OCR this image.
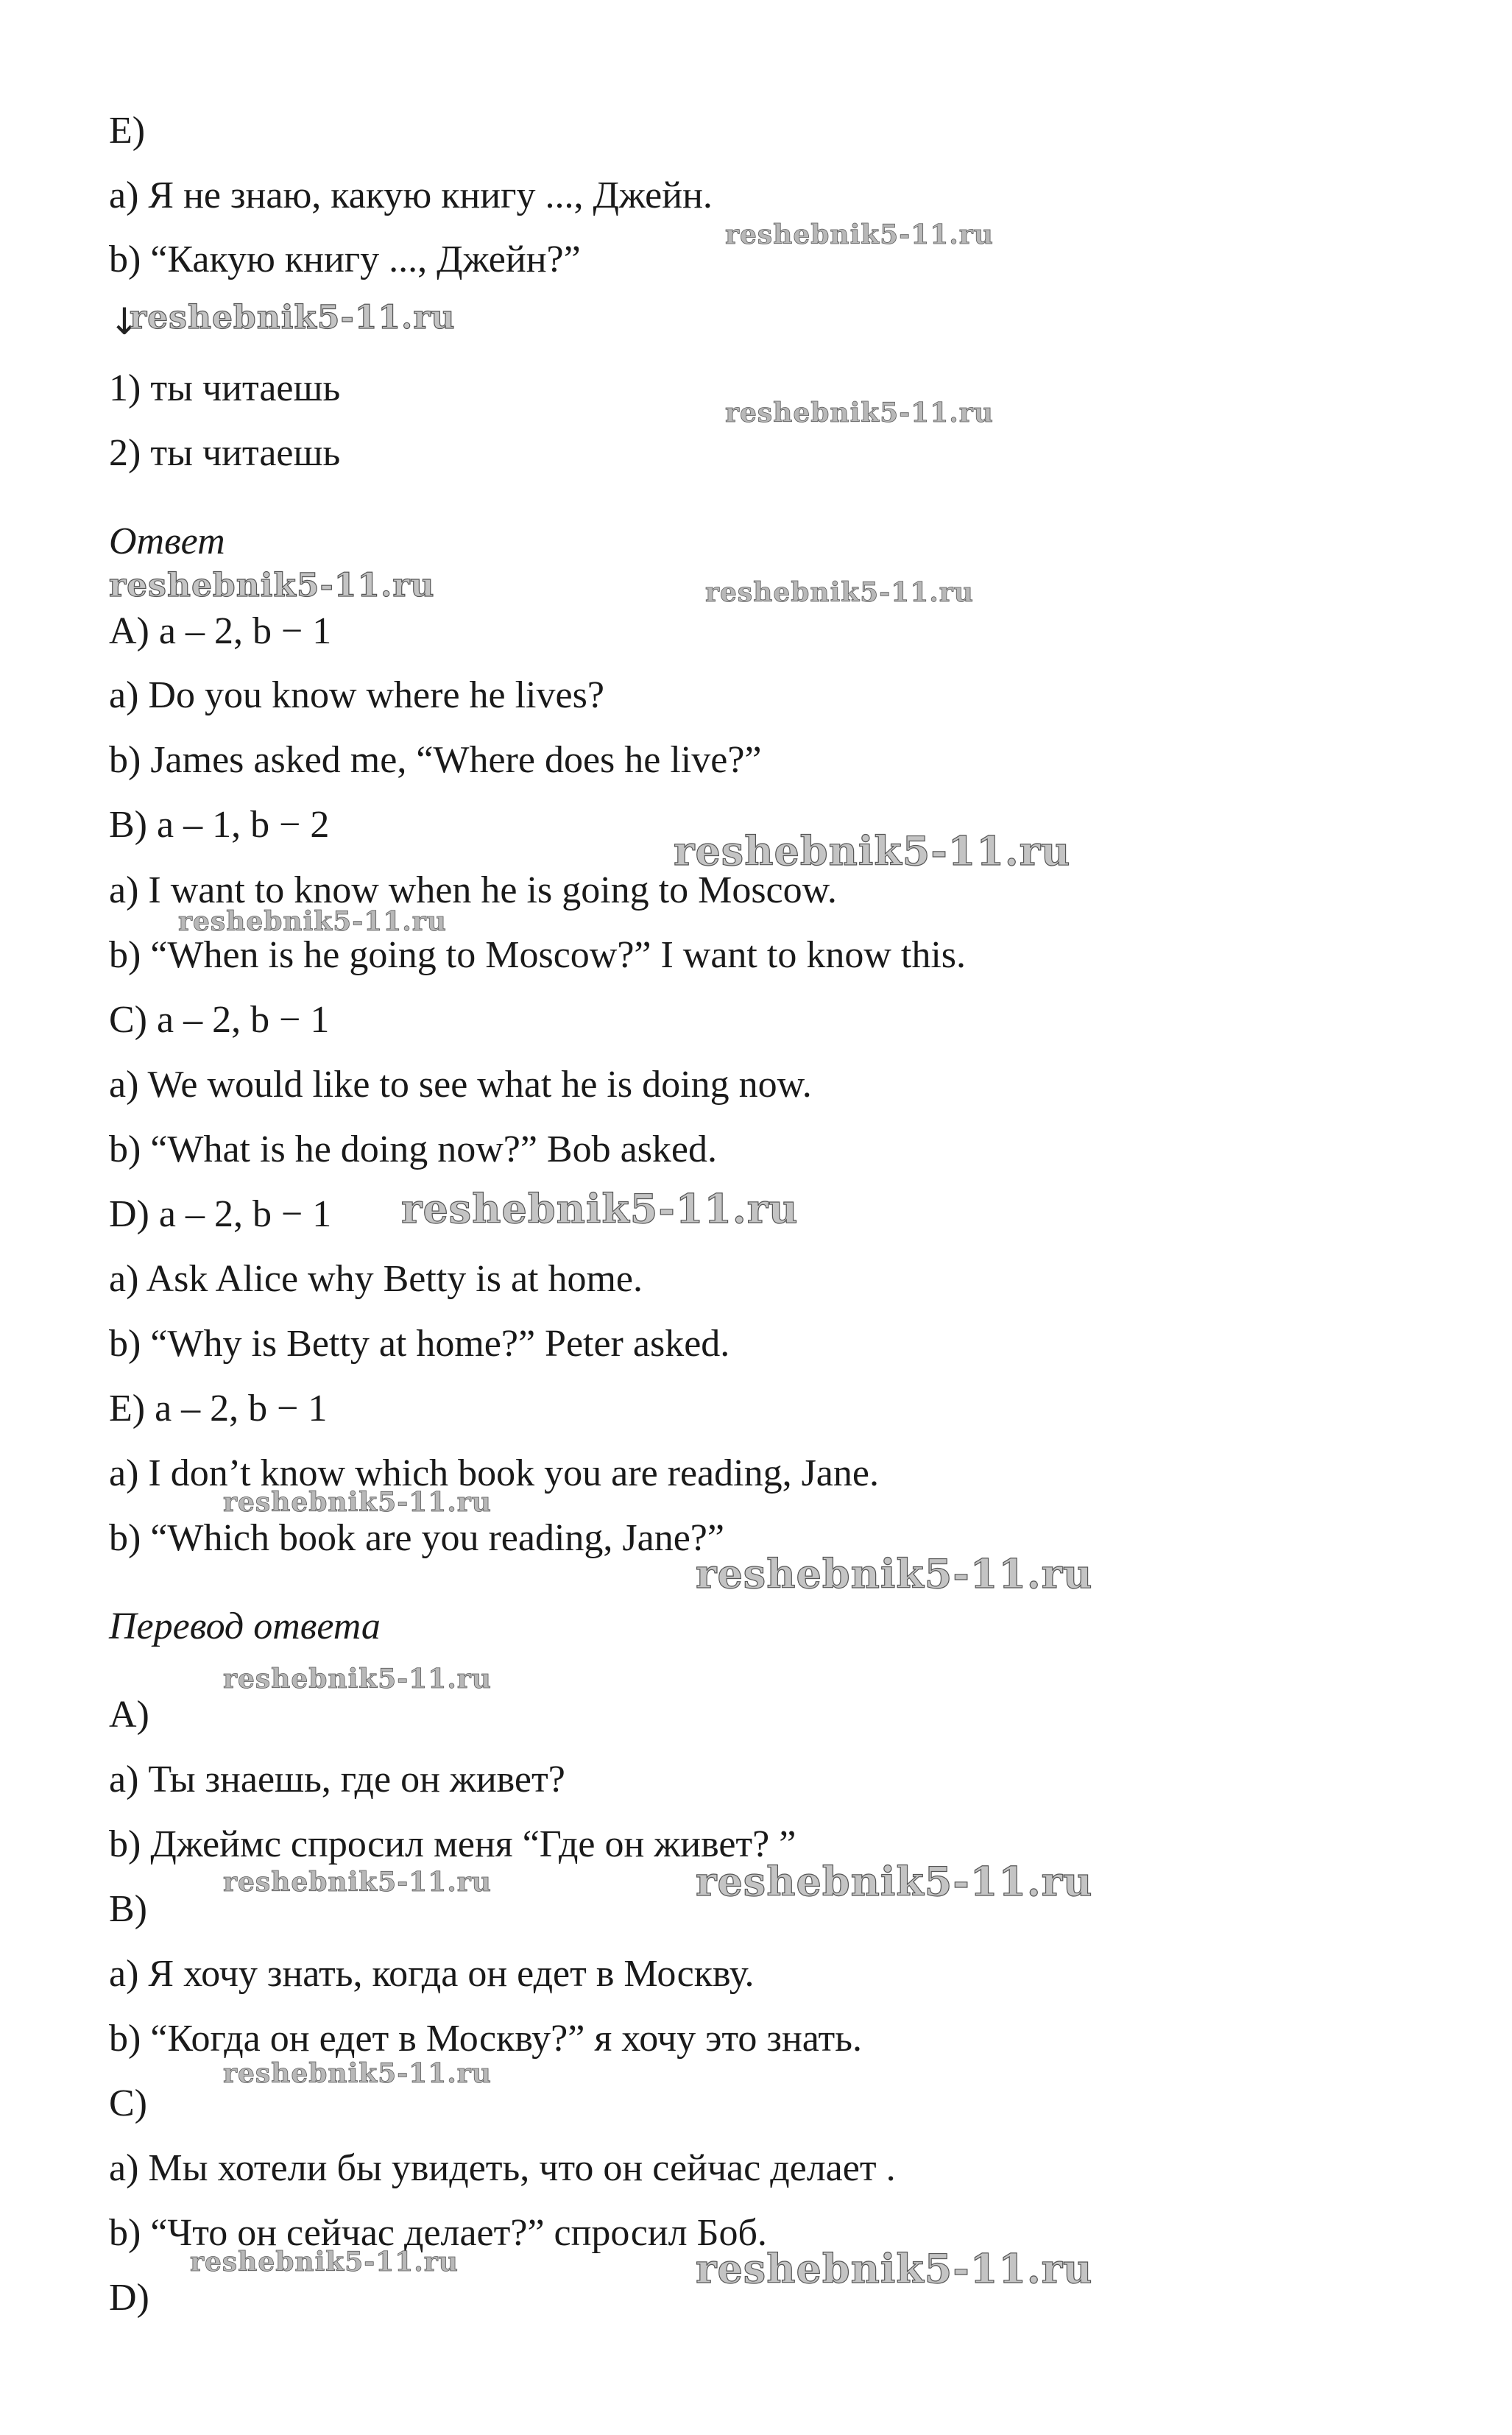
E)

a) Я не знаю, какую книгу ..., Джейн.

b) “Какую книгу ..., Джейн?”

↓

1) ты читаешь

2) ты читаешь

Ответ

A) a – 2, b − 1

a) Do you know where he lives?

b) James asked me, “Where does he live?”

B) a – 1, b − 2

a) I want to know when he is going to Moscow.

b) “When is he going to Moscow?” I want to know this.

C) a – 2, b − 1

a) We would like to see what he is doing now.

b) “What is he doing now?” Bob asked.

D) a – 2, b − 1

a) Ask Alice why Betty is at home.

b) “Why is Betty at home?” Peter asked.

E) a – 2, b − 1

a) I don’t know which book you are reading, Jane.

b) “Which book are you reading, Jane?”

Перевод ответа

A)

a) Ты знаешь, где он живет?

b) Джеймс спросил меня “Где он живет? ”

B)

a) Я хочу знать, когда он едет в Москву.

b) “Когда он едет в Москву?” я хочу это знать.

C)

a) Мы хотели бы увидеть, что он сейчас делает .

b) “Что он сейчас делает?” спросил Боб.

D)

reshebnik5-11.ru
reshebnik5-11.ru
reshebnik5-11.ru
reshebnik5-11.ru	reshebnik5-11.ru
reshebnik5-11.ru
reshebnik5-11.ru
reshebnik5-11.ru
reshebnik5-11.ru
reshebnik5-11.ru
reshebnik5-11.ru
reshebnik5-11.ru	reshebnik5-11.ru
reshebnik5-11.ru
reshebnik5-11.ru	reshebnik5-11.ru
